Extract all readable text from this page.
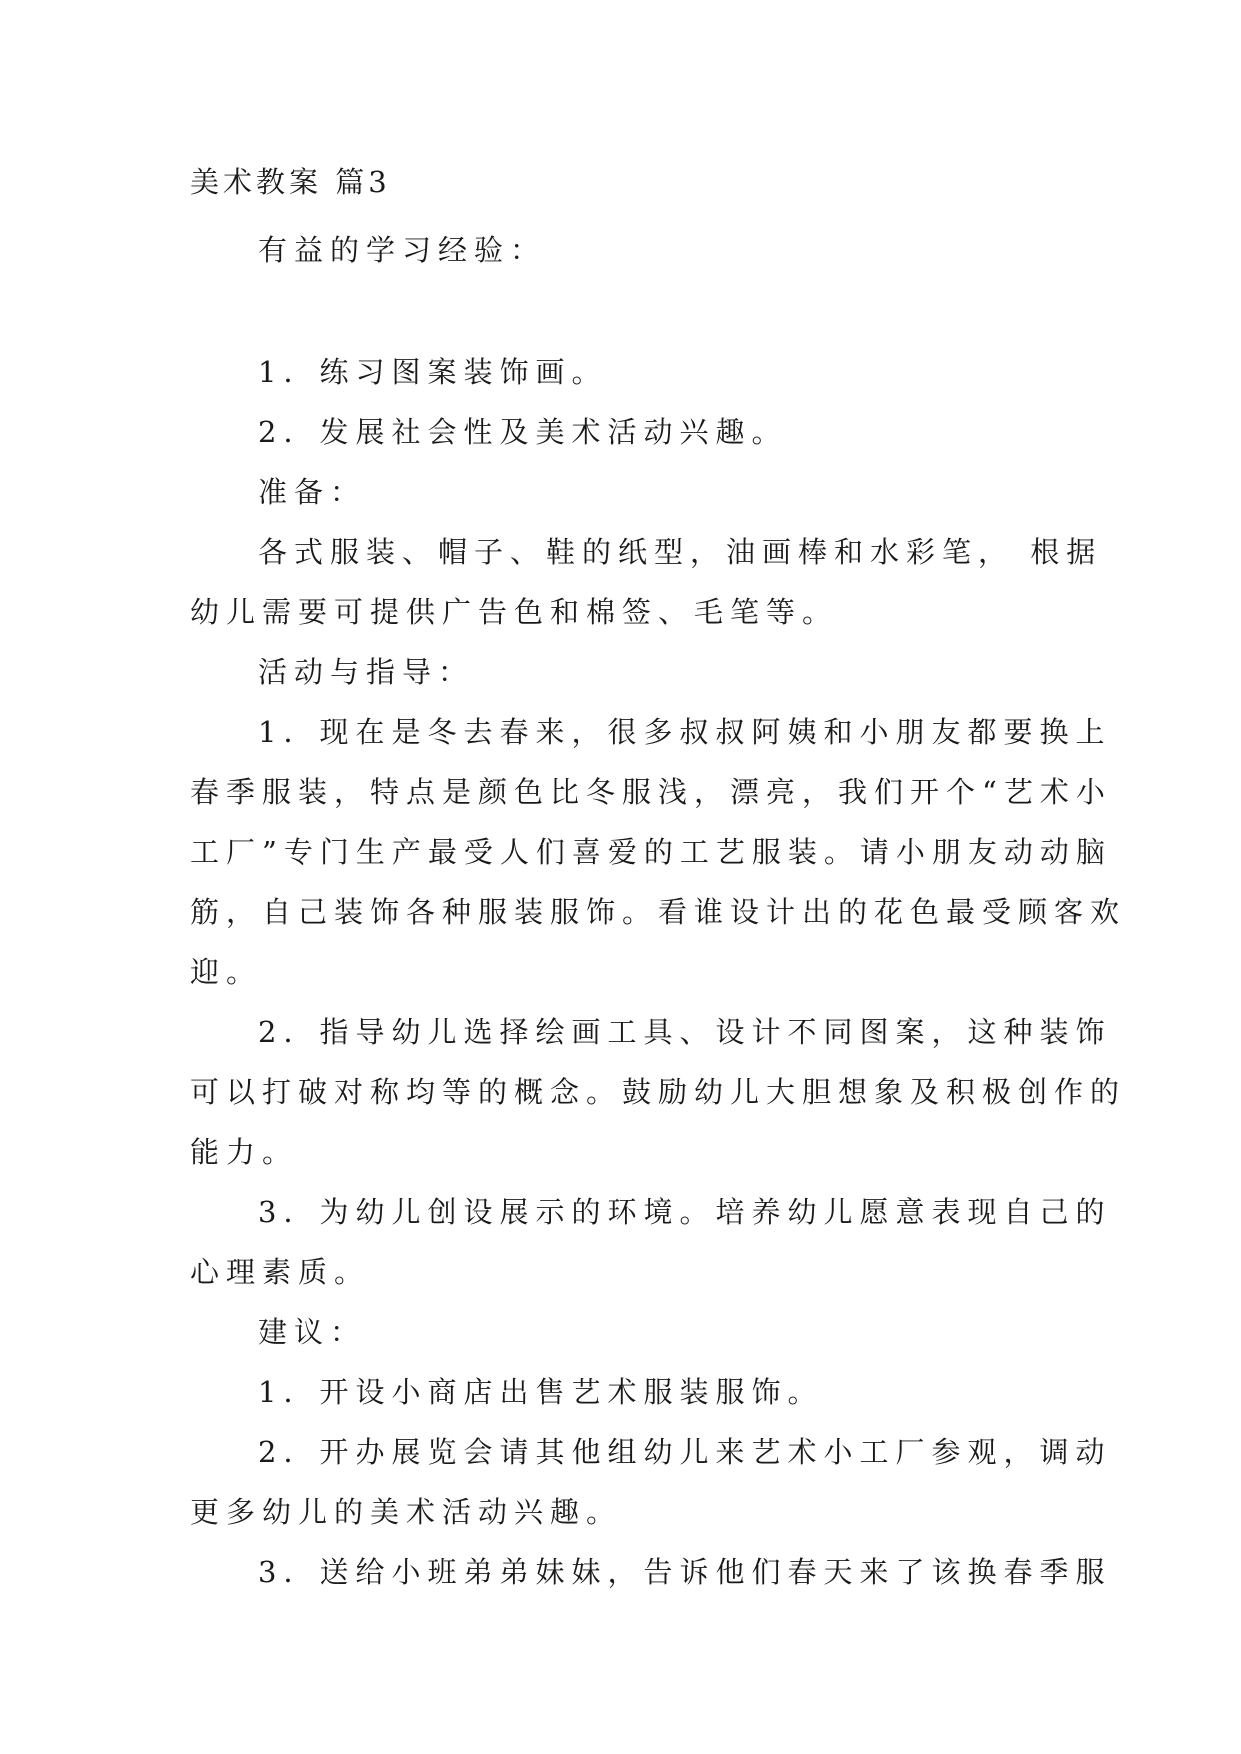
美术教案 篇3
有益的学习经验：
1．练习图案装饰画。
2．发展社会性及美术活动兴趣。
准备：
各式服装、帽子、鞋的纸型，油画棒和水彩笔， 根据
幼儿需要可提供广告色和棉签、毛笔等。
活动与指导：
1．现在是冬去春来，很多叔叔阿姨和小朋友都要换上
春季服装，特点是颜色比冬服浅，漂亮，我们开个“艺术小
工厂”专门生产最受人们喜爱的工艺服装。请小朋友动动脑
筋，自己装饰各种服装服饰。看谁设计出的花色最受顾客欢
迎。
2．指导幼儿选择绘画工具、设计不同图案，这种装饰
可以打破对称均等的概念。鼓励幼儿大胆想象及积极创作的
能力。
3．为幼儿创设展示的环境。培养幼儿愿意表现自己的
心理素质。
建议：
1．开设小商店出售艺术服装服饰。
2．开办展览会请其他组幼儿来艺术小工厂参观，调动
更多幼儿的美术活动兴趣。
3．送给小班弟弟妹妹，告诉他们春天来了该换春季服
